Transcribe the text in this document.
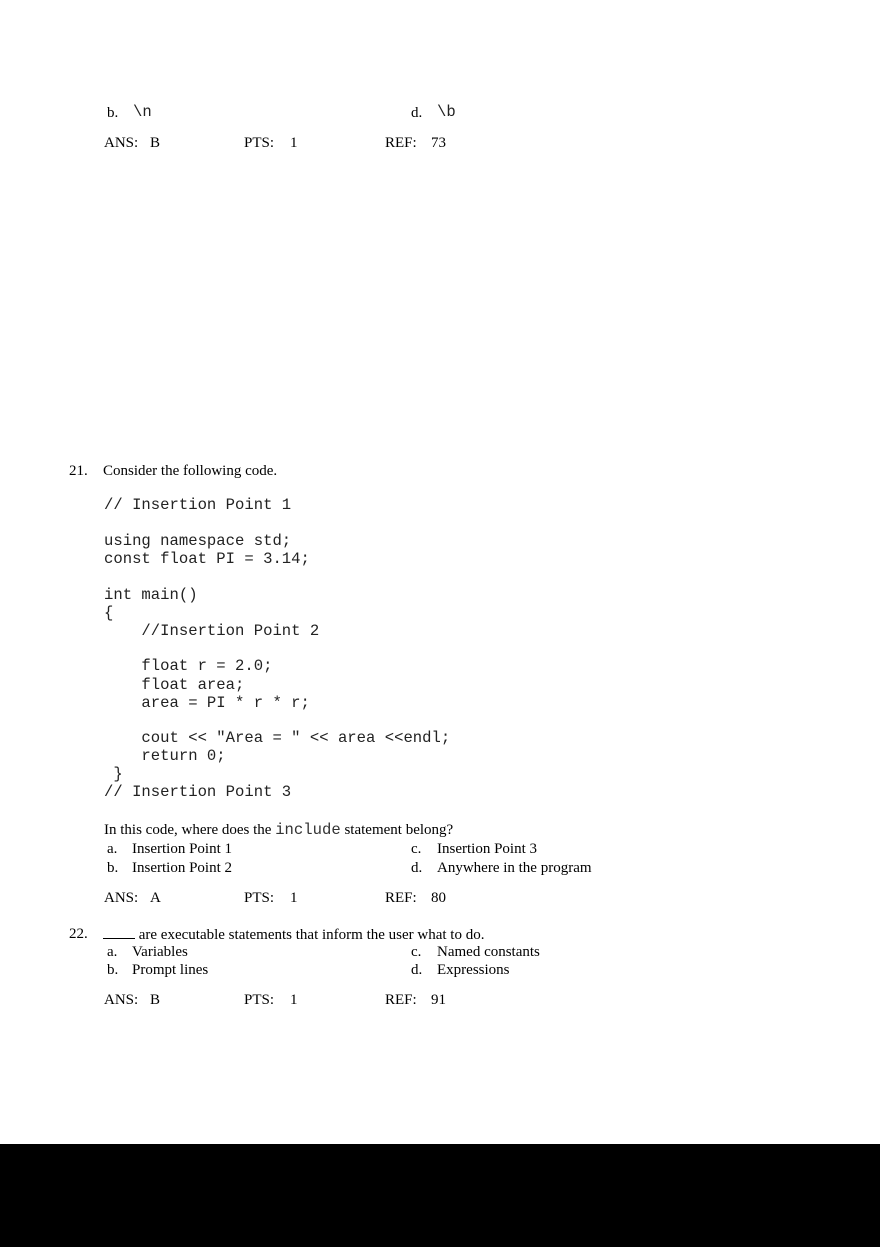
b. \n	d. \b
ANS: B	PTS: 1	REF: 73
21. Consider the following code.
// Insertion Point 1
using namespace std;
const float PI = 3.14;
int main()
{
//Insertion Point 2
float r = 2.0;
float area;
area = PI * r * r;
cout << "Area = " << area <<endl;
return 0;
}
// Insertion Point 3
In this code, where does the include statement belong?
a. Insertion Point 1
b. Insertion Point 2
c. Insertion Point 3
d. Anywhere in the program
ANS: A	PTS: 1	REF: 80
22.	are executable statements that inform the user what to do.
a. Variables
b. Prompt lines
c. Named constants
d. Expressions
ANS: B	PTS: 1	REF: 91
